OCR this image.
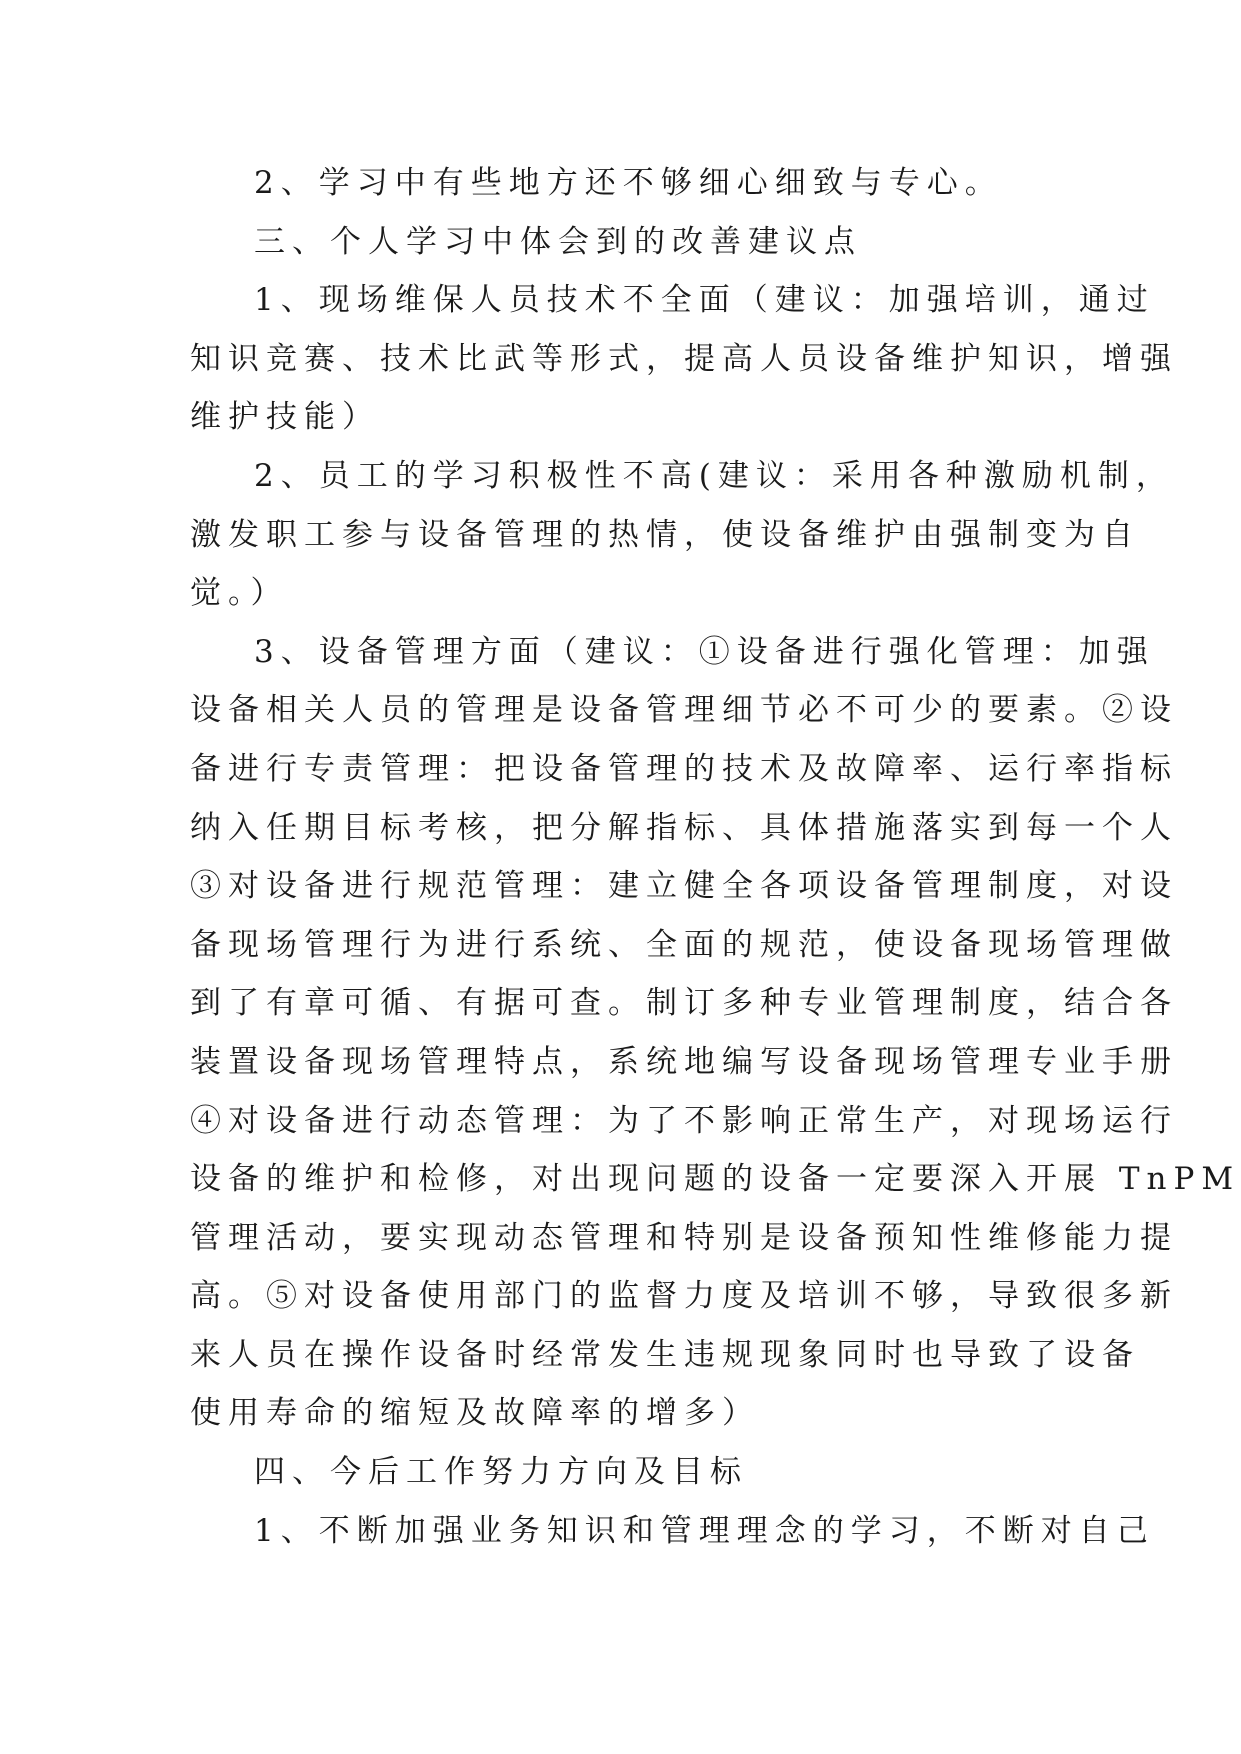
2、学习中有些地方还不够细心细致与专心。

三、个人学习中体会到的改善建议点

1、现场维保人员技术不全面（建议：加强培训，通过

知识竞赛、技术比武等形式，提高人员设备维护知识，增强

维护技能）

2、员工的学习积极性不高(建议：采用各种激励机制，

激发职工参与设备管理的热情，使设备维护由强制变为自

觉。）

3、设备管理方面（建议：①设备进行强化管理：加强

设备相关人员的管理是设备管理细节必不可少的要素。②设

备进行专责管理：把设备管理的技术及故障率、运行率指标

纳入任期目标考核，把分解指标、具体措施落实到每一个人

③对设备进行规范管理：建立健全各项设备管理制度，对设

备现场管理行为进行系统、全面的规范，使设备现场管理做

到了有章可循、有据可查。制订多种专业管理制度，结合各

装置设备现场管理特点，系统地编写设备现场管理专业手册

④对设备进行动态管理：为了不影响正常生产，对现场运行

设备的维护和检修，对出现问题的设备一定要深入开展 TnPM

管理活动，要实现动态管理和特别是设备预知性维修能力提

高。⑤对设备使用部门的监督力度及培训不够，导致很多新

来人员在操作设备时经常发生违规现象同时也导致了设备

使用寿命的缩短及故障率的增多）

四、今后工作努力方向及目标

1、不断加强业务知识和管理理念的学习，不断对自己
